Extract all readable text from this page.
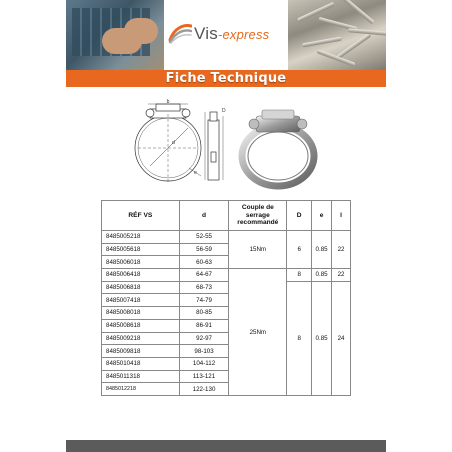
Vis-express
Fiche Technique
b
d
e
D
RÉF VS	d	Couple de serrage recommandé	D	e	l
8485005218	52-55	15Nm	6	0.85	22
8485005618	56-59				
8485006018	60-63				
8485006418	64-67	25Nm	8	0.85	22
8485006818	68-73		8	0.85	24
8485007418	74-79				
8485008018	80-85				
8485008618	86-91				
8485009218	92-97				
8485009818	98-103				
8485010418	104-112				
8485011318	113-121				
8485012218	122-130				
